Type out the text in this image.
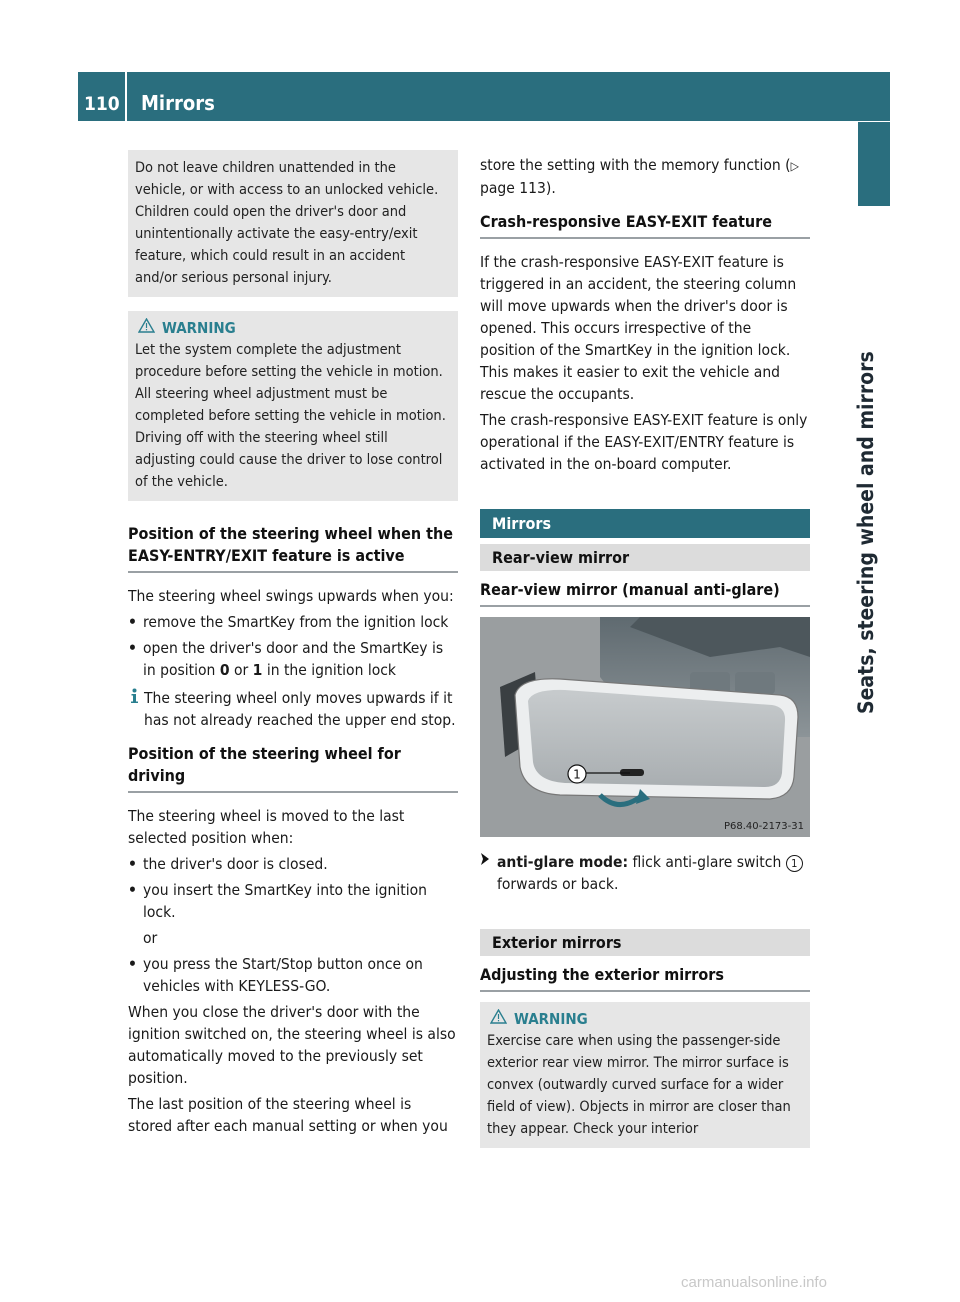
110 Mirrors
Seats, steering wheel and mirrors
Do not leave children unattended in the vehicle, or with access to an unlocked vehicle. Children could open the driver's door and unintentionally activate the easy-entry/exit feature, which could result in an accident and/or serious personal injury.
WARNING
Let the system complete the adjustment procedure before setting the vehicle in motion. All steering wheel adjustment must be completed before setting the vehicle in motion. Driving off with the steering wheel still adjusting could cause the driver to lose control of the vehicle.
Position of the steering wheel when the EASY-ENTRY/EXIT feature is active

The steering wheel swings upwards when you:

• remove the SmartKey from the ignition lock
• open the driver's door and the SmartKey is in position 0 or 1 in the ignition lock
The steering wheel only moves upwards if it has not already reached the upper end stop.
Position of the steering wheel for driving

The steering wheel is moved to the last selected position when:

• the driver's door is closed.
• you insert the SmartKey into the ignition lock.

or

• you press the Start/Stop button once on vehicles with KEYLESS-GO.

When you close the driver's door with the ignition switched on, the steering wheel is also automatically moved to the previously set position.

The last position of the steering wheel is stored after each manual setting or when you

store the setting with the memory function (▷ page 113).

Crash-responsive EASY-EXIT feature

If the crash-responsive EASY-EXIT feature is triggered in an accident, the steering column will move upwards when the driver's door is opened. This occurs irrespective of the position of the SmartKey in the ignition lock. This makes it easier to exit the vehicle and rescue the occupants.

The crash-responsive EASY-EXIT feature is only operational if the EASY-EXIT/ENTRY feature is activated in the on-board computer.

Mirrors
Rear-view mirror
Rear-view mirror (manual anti-glare)
1
P68.40-2173-31
anti-glare mode: flick anti-glare switch 1 forwards or back.
Exterior mirrors
Adjusting the exterior mirrors
WARNING
Exercise care when using the passenger-side exterior rear view mirror. The mirror surface is convex (outwardly curved surface for a wider field of view). Objects in mirror are closer than they appear. Check your interior
carmanualsonline.info
